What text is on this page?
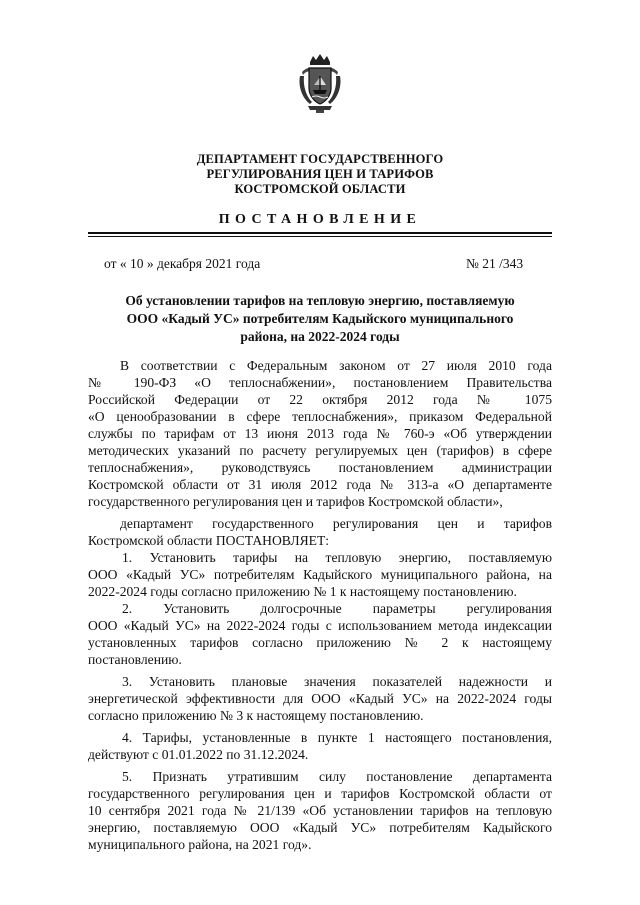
ДЕПАРТАМЕНТ ГОСУДАРСТВЕННОГО
РЕГУЛИРОВАНИЯ ЦЕН И ТАРИФОВ
КОСТРОМСКОЙ ОБЛАСТИ
ПОСТАНОВЛЕНИЕ
от « 10 » декабря 2021 года	№ 21 /343
Об установлении тарифов на тепловую энергию, поставляемую
ООО «Кадый УС» потребителям Кадыйского муниципального
района, на 2022-2024 годы
В соответствии с Федеральным законом от 27 июля 2010 года
№ 190-ФЗ «О теплоснабжении», постановлением Правительства
Российской Федерации от 22 октября 2012 года № 1075
«О ценообразовании в сфере теплоснабжения», приказом Федеральной
службы по тарифам от 13 июня 2013 года № 760-э «Об утверждении
методических указаний по расчету регулируемых цен (тарифов) в сфере
теплоснабжения», руководствуясь постановлением администрации
Костромской области от 31 июля 2012 года № 313-а «О департаменте
государственного регулирования цен и тарифов Костромской области»,
департамент государственного регулирования цен и тарифов
Костромской области ПОСТАНОВЛЯЕТ:
1. Установить тарифы на тепловую энергию, поставляемую
ООО «Кадый УС» потребителям Кадыйского муниципального района, на
2022-2024 годы согласно приложению № 1 к настоящему постановлению.
2. Установить долгосрочные параметры регулирования
ООО «Кадый УС» на 2022-2024 годы с использованием метода индексации
установленных тарифов согласно приложению № 2 к настоящему
постановлению.
3. Установить плановые значения показателей надежности и
энергетической эффективности для ООО «Кадый УС» на 2022-2024 годы
согласно приложению № 3 к настоящему постановлению.
4. Тарифы, установленные в пункте 1 настоящего постановления,
действуют с 01.01.2022 по 31.12.2024.
5. Признать утратившим силу постановление департамента
государственного регулирования цен и тарифов Костромской области от
10 сентября 2021 года № 21/139 «Об установлении тарифов на тепловую
энергию, поставляемую ООО «Кадый УС» потребителям Кадыйского
муниципального района, на 2021 год».
